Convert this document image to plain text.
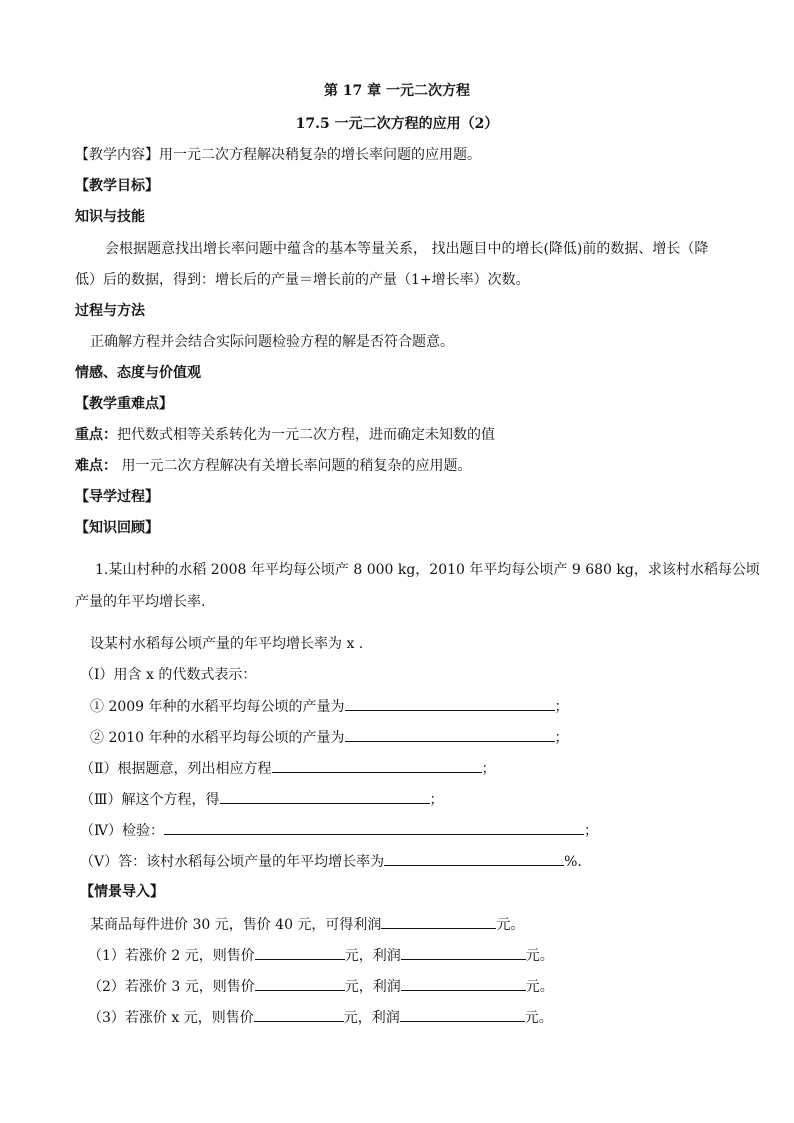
第 17 章 一元二次方程
17.5 一元二次方程的应用（2）
【教学内容】用一元二次方程解决稍复杂的增长率问题的应用题。
【教学目标】
知识与技能
会根据题意找出增长率问题中蕴含的基本等量关系， 找出题目中的增长(降低)前的数据、增长（降
低）后的数据，得到：增长后的产量＝增长前的产量（1+增长率）次数。
过程与方法
正确解方程并会结合实际问题检验方程的解是否符合题意。
情感、态度与价值观
【教学重难点】
重点：把代数式相等关系转化为一元二次方程，进而确定未知数的值
难点： 用一元二次方程解决有关增长率问题的稍复杂的应用题。
【导学过程】
【知识回顾】
1.某山村种的水稻 2008 年平均每公顷产 8 000 kg，2010 年平均每公顷产 9 680 kg，求该村水稻每公顷
产量的年平均增长率.
设某村水稻每公顷产量的年平均增长率为 x .
（Ⅰ）用含 x 的代数式表示：
① 2009 年种的水稻平均每公顷的产量为	；
② 2010 年种的水稻平均每公顷的产量为	；
（Ⅱ）根据题意，列出相应方程	；
（Ⅲ）解这个方程，得	；
（Ⅳ）检验：	；
（Ⅴ）答：该村水稻每公顷产量的年平均增长率为	%.
【情景导入】
某商品每件进价 30 元，售价 40 元，可得利润	元。
（1）若涨价 2 元，则售价	元，利润	元。
（2）若涨价 3 元，则售价	元，利润	元。
（3）若涨价 x 元，则售价	元，利润	元。
